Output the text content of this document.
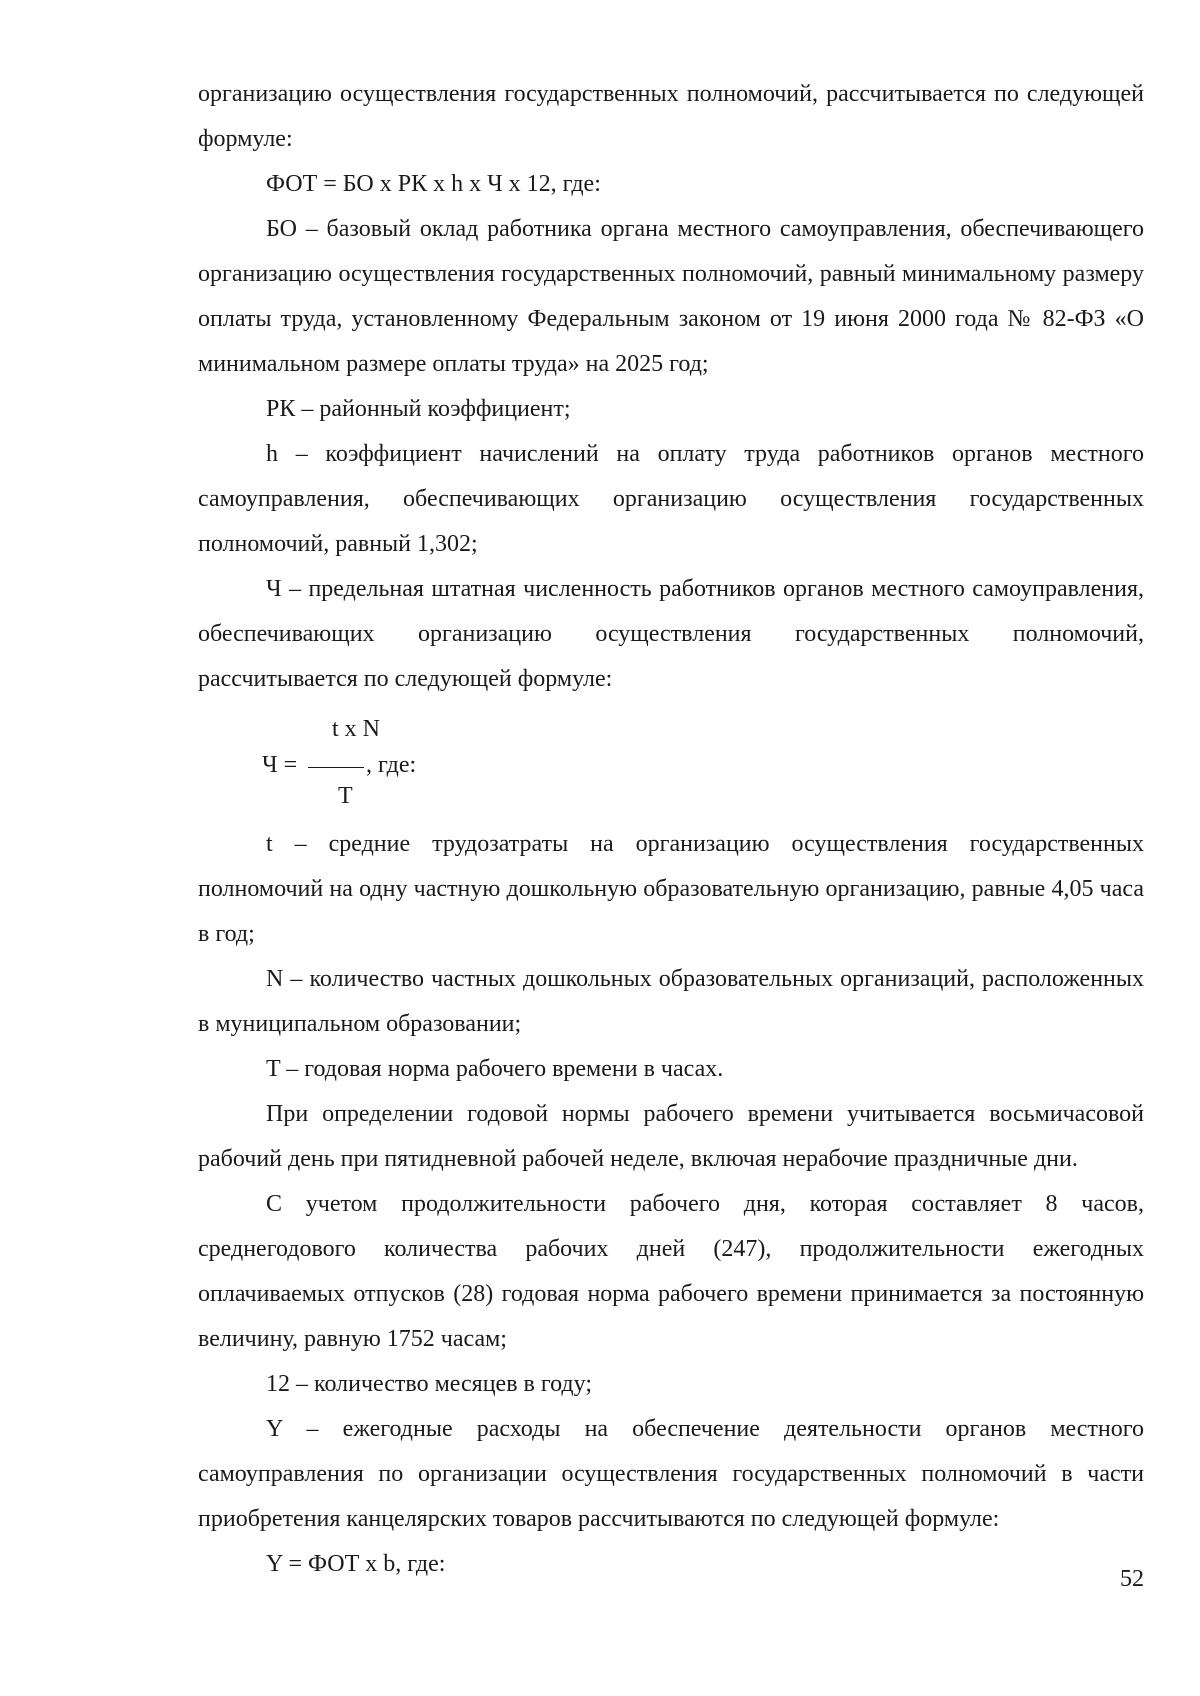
организацию осуществления государственных полномочий, рассчитывается по следующей формуле:

ФОТ = БО х РК х h х Ч х 12, где:

БО – базовый оклад работника органа местного самоуправления, обеспечивающего организацию осуществления государственных полномочий, равный минимальному размеру оплаты труда, установленному Федеральным законом от 19 июня 2000 года № 82-ФЗ «О минимальном размере оплаты труда» на 2025 год;

РК – районный коэффициент;

h – коэффициент начислений на оплату труда работников органов местного самоуправления, обеспечивающих организацию осуществления государственных полномочий, равный 1,302;

Ч – предельная штатная численность работников органов местного самоуправления, обеспечивающих организацию осуществления государственных полномочий, рассчитывается по следующей формуле:

t x N
Ч =	, где:
T

t – средние трудозатраты на организацию осуществления государственных полномочий на одну частную дошкольную образовательную организацию, равные 4,05 часа в год;

N – количество частных дошкольных образовательных организаций, расположенных в муниципальном образовании;

T – годовая норма рабочего времени в часах.

При определении годовой нормы рабочего времени учитывается восьмичасовой рабочий день при пятидневной рабочей неделе, включая нерабочие праздничные дни.

С учетом продолжительности рабочего дня, которая составляет 8 часов, среднегодового количества рабочих дней (247), продолжительности ежегодных оплачиваемых отпусков (28) годовая норма рабочего времени принимается за постоянную величину, равную 1752 часам;

12 – количество месяцев в году;

Y – ежегодные расходы на обеспечение деятельности органов местного самоуправления по организации осуществления государственных полномочий в части приобретения канцелярских товаров рассчитываются по следующей формуле:

Y = ФОТ х b, где:

52
